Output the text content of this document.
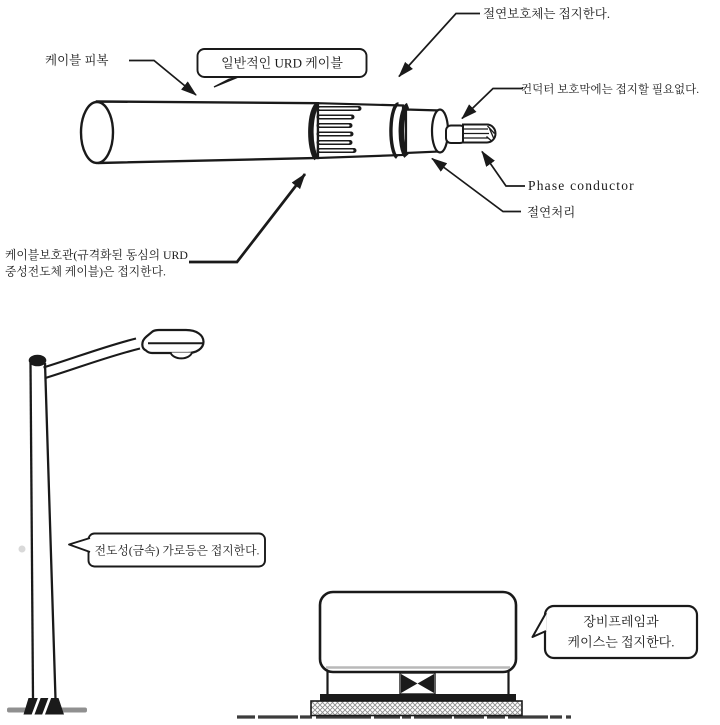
절연보호체는 접지한다.
케이블 피복	일반적인 URD 케이블
컨덕터 보호막에는 접지할 필요없다.
Phase conductor
절연처리
케이블보호관(규격화된 동심의 URD
중성전도체 케이블)은 접지한다.
전도성(금속) 가로등은 접지한다.
장비프레임과
케이스는 접지한다.
